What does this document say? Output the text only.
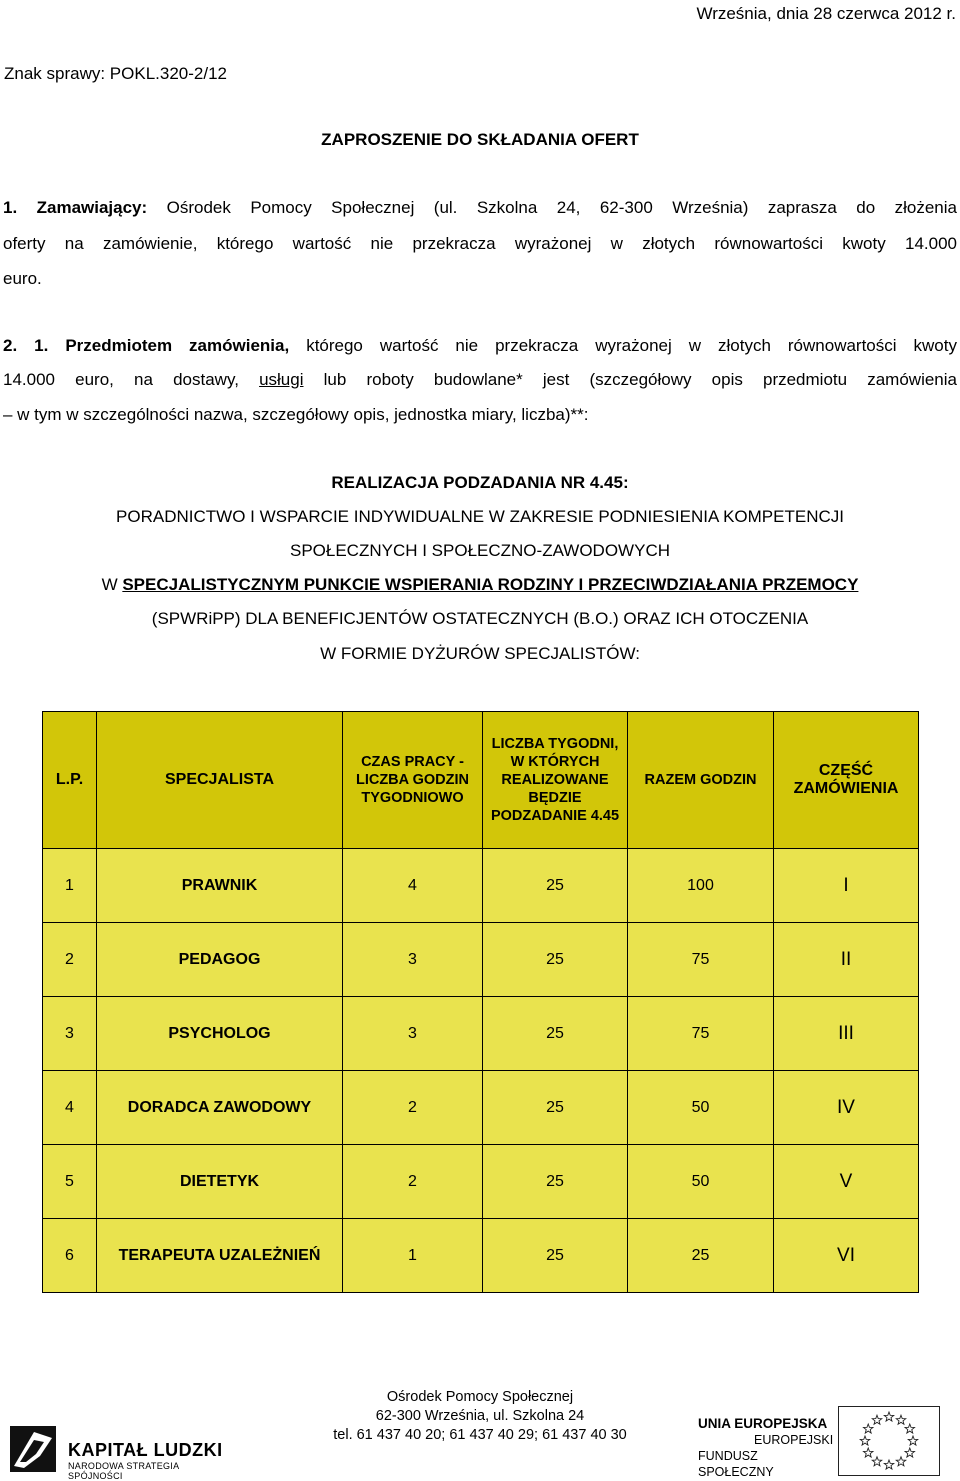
Września, dnia 28 czerwca 2012 r.
Znak sprawy: POKL.320-2/12
ZAPROSZENIE DO SKŁADANIA OFERT
1. Zamawiający: Ośrodek Pomocy Społecznej (ul. Szkolna 24, 62-300 Września) zaprasza do złożenia
oferty na zamówienie, którego wartość nie przekracza wyrażonej w złotych równowartości kwoty 14.000
euro.
2. 1. Przedmiotem zamówienia, którego wartość nie przekracza wyrażonej w złotych równowartości kwoty
14.000 euro, na dostawy, usługi lub roboty budowlane* jest (szczegółowy opis przedmiotu zamówienia
– w tym w szczególności nazwa, szczegółowy opis, jednostka miary, liczba)**:
REALIZACJA PODZADANIA NR 4.45:
PORADNICTWO I WSPARCIE INDYWIDUALNE W ZAKRESIE PODNIESIENIA KOMPETENCJI
SPOŁECZNYCH I SPOŁECZNO-ZAWODOWYCH
W SPECJALISTYCZNYM PUNKCIE WSPIERANIA RODZINY I PRZECIWDZIAŁANIA PRZEMOCY
(SPWRiPP) DLA BENEFICJENTÓW OSTATECZNYCH (B.O.) ORAZ ICH OTOCZENIA
W FORMIE DYŻURÓW SPECJALISTÓW:
L.P.	SPECJALISTA	CZAS PRACY - LICZBA GODZIN TYGODNIOWO	LICZBA TYGODNI, W KTÓRYCH REALIZOWANE BĘDZIE PODZADANIE 4.45	RAZEM GODZIN	CZĘŚĆ ZAMÓWIENIA
1	PRAWNIK	4	25	100	I
2	PEDAGOG	3	25	75	II
3	PSYCHOLOG	3	25	75	III
4	DORADCA ZAWODOWY	2	25	50	IV
5	DIETETYK	2	25	50	V
6	TERAPEUTA UZALEŻNIEŃ	1	25	25	VI
Ośrodek Pomocy Społecznej
62-300 Września, ul. Szkolna 24
tel. 61 437 40 20; 61 437 40 29; 61 437 40 30
KAPITAŁ LUDZKI
NARODOWA STRATEGIA SPÓJNOŚCI
UNIA EUROPEJSKA
EUROPEJSKI
FUNDUSZ SPOŁECZNY
